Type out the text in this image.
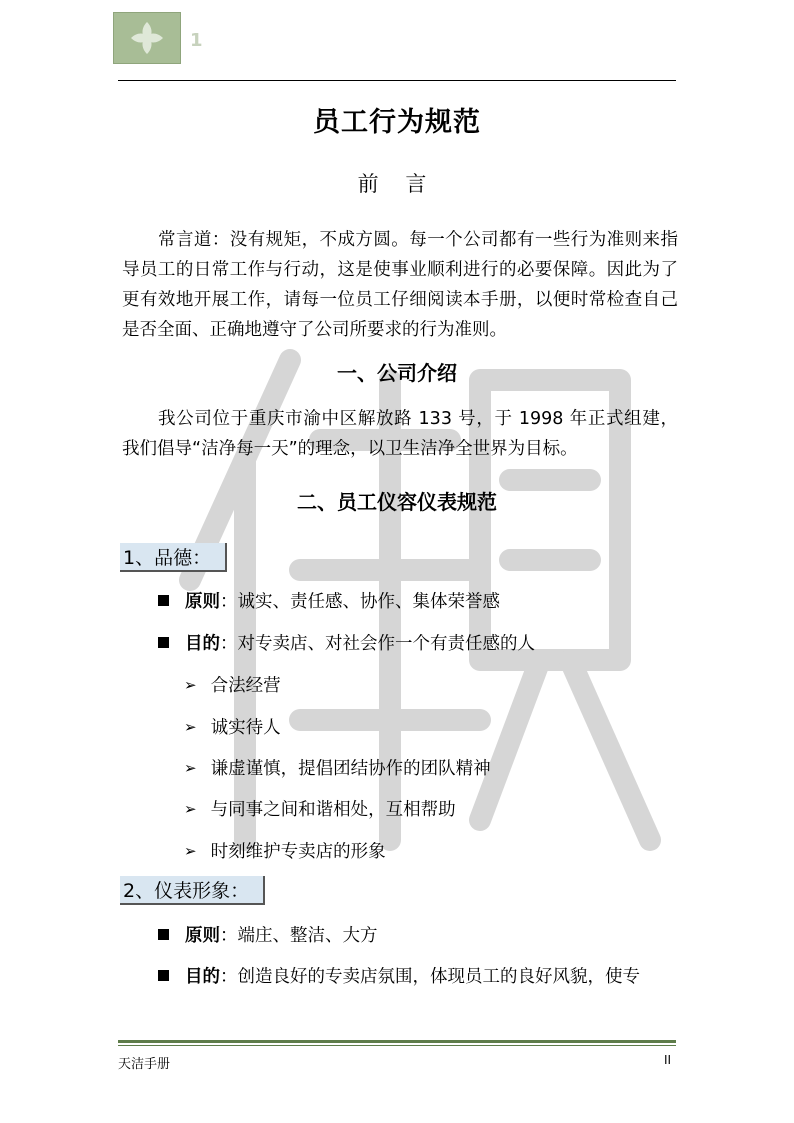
1
员工行为规范
前 言
常言道：没有规矩，不成方圆。每一个公司都有一些行为准则来指导员工的日常工作与行动，这是使事业顺利进行的必要保障。因此为了更有效地开展工作，请每一位员工仔细阅读本手册，以便时常检查自己是否全面、正确地遵守了公司所要求的行为准则。
一、公司介绍
我公司位于重庆市渝中区解放路 133 号，于 1998 年正式组建，我们倡导“洁净每一天”的理念，以卫生洁净全世界为目标。
二、员工仪容仪表规范
1、品德：
原则 ：诚实、责任感、协作、集体荣誉感
目的 ：对专卖店、对社会作一个有责任感的人
➢ 合法经营
➢ 诚实待人
➢ 谦虚谨慎，提倡团结协作的团队精神
➢ 与同事之间和谐相处，互相帮助
➢ 时刻维护专卖店的形象
2、仪表形象：
原则 ：端庄、整洁、大方
目的 ：创造良好的专卖店氛围，体现员工的良好风貌，使专
天洁手册	II
